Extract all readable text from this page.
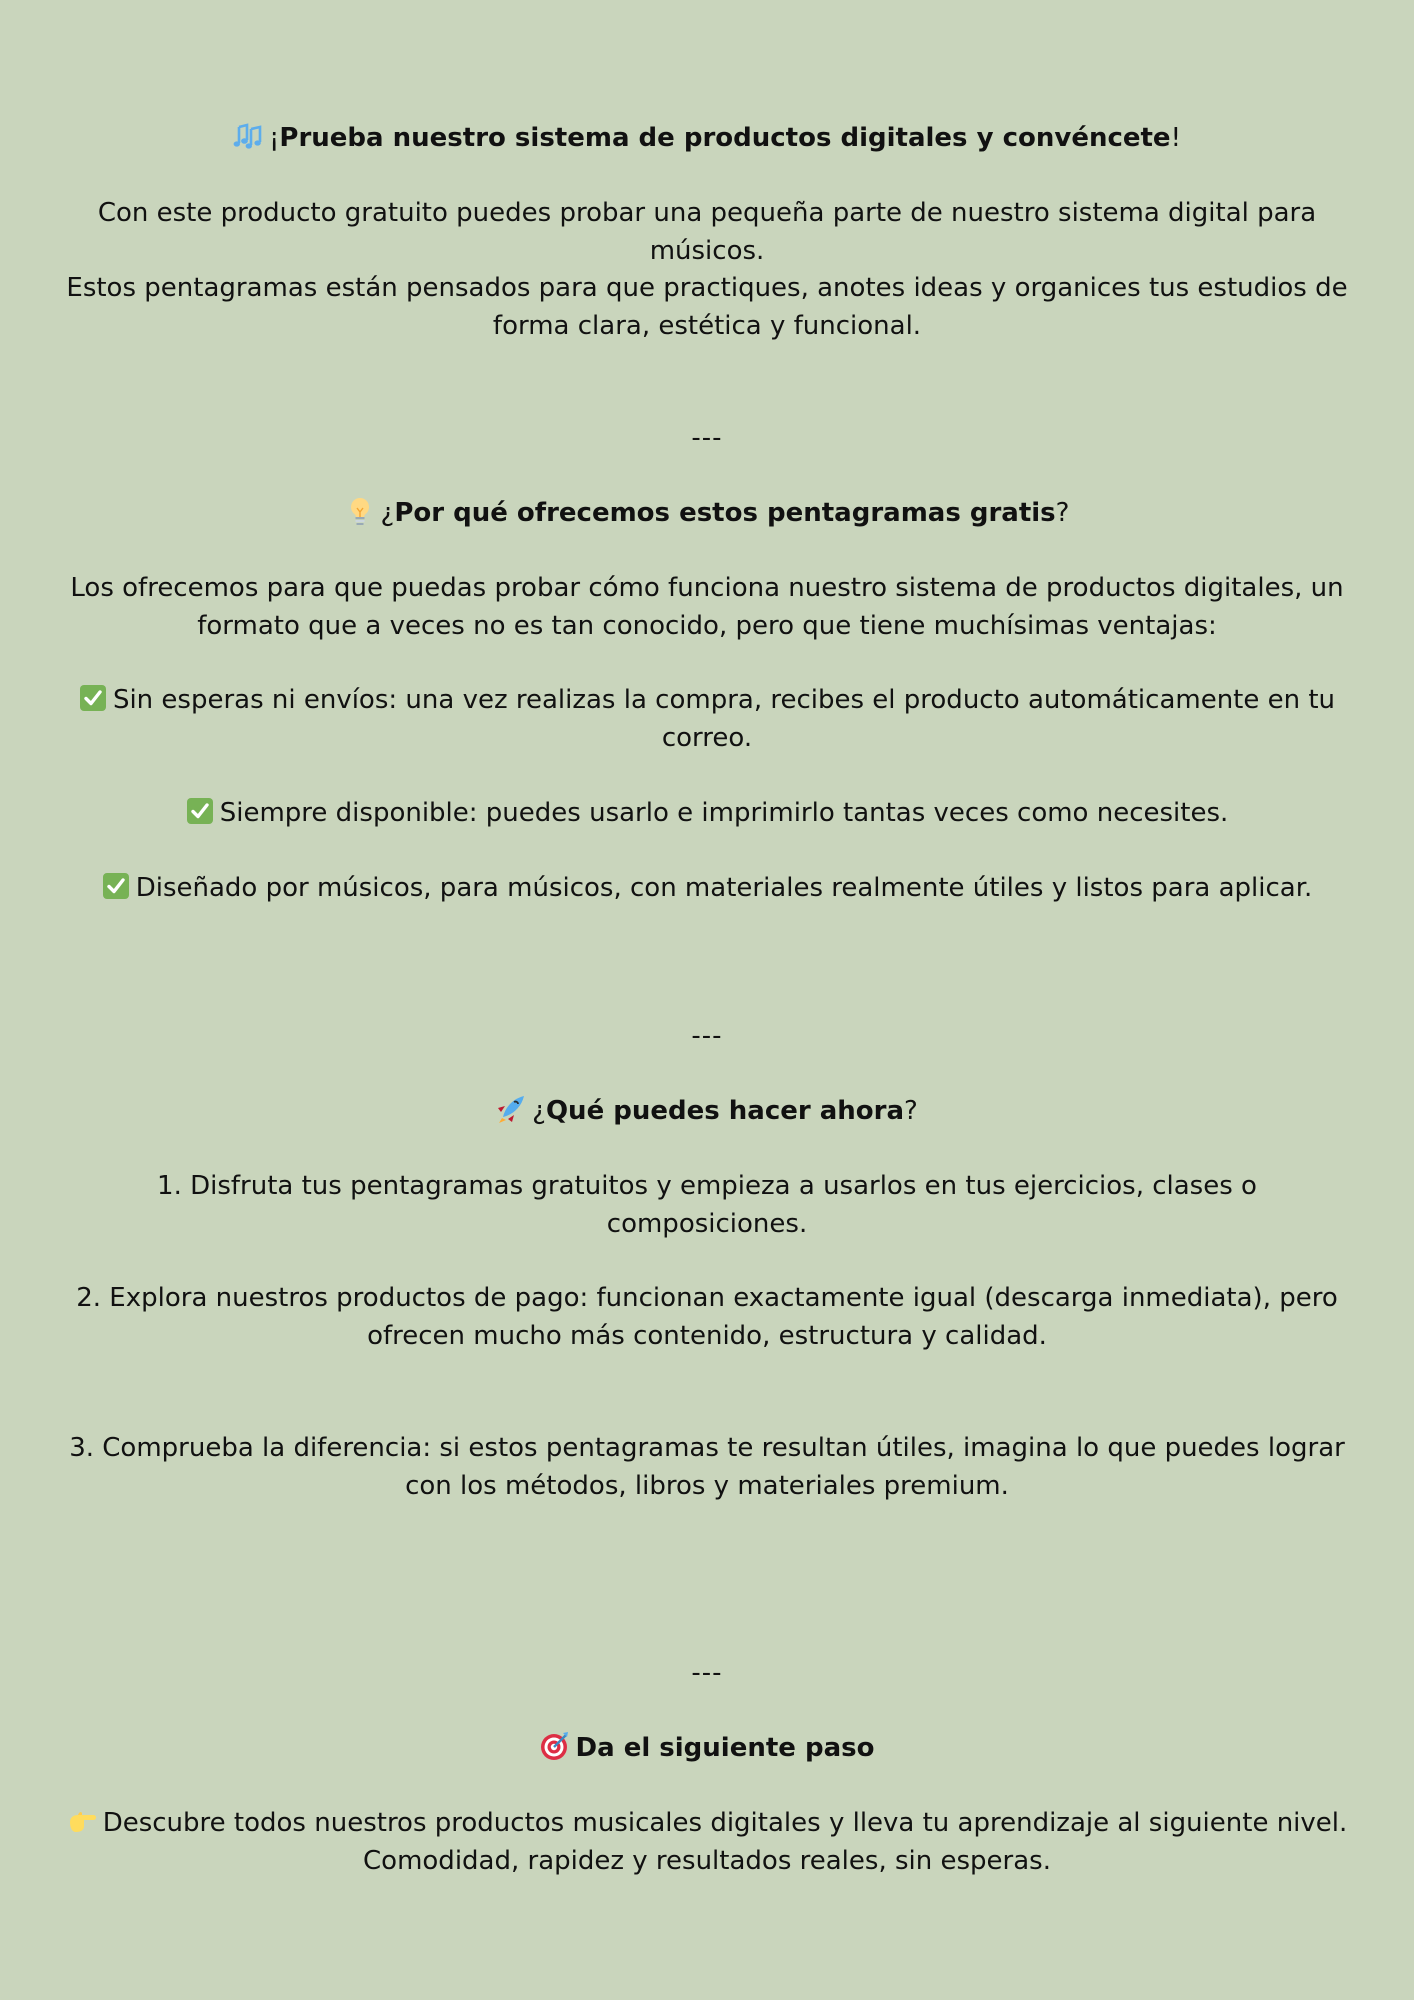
¡Prueba nuestro sistema de productos digitales y convéncete!

Con este producto gratuito puedes probar una pequeña parte de nuestro sistema digital para músicos.
Estos pentagramas están pensados para que practiques, anotes ideas y organices tus estudios de forma clara, estética y funcional.

---

¿Por qué ofrecemos estos pentagramas gratis?

Los ofrecemos para que puedas probar cómo funciona nuestro sistema de productos digitales, un formato que a veces no es tan conocido, pero que tiene muchísimas ventajas:

Sin esperas ni envíos: una vez realizas la compra, recibes el producto automáticamente en tu correo.

Siempre disponible: puedes usarlo e imprimirlo tantas veces como necesites.

Diseñado por músicos, para músicos, con materiales realmente útiles y listos para aplicar.

---

¿Qué puedes hacer ahora?

1. Disfruta tus pentagramas gratuitos y empieza a usarlos en tus ejercicios, clases o composiciones.

2. Explora nuestros productos de pago: funcionan exactamente igual (descarga inmediata), pero ofrecen mucho más contenido, estructura y calidad.

3. Comprueba la diferencia: si estos pentagramas te resultan útiles, imagina lo que puedes lograr con los métodos, libros y materiales premium.

---

Da el siguiente paso

Descubre todos nuestros productos musicales digitales y lleva tu aprendizaje al siguiente nivel.
Comodidad, rapidez y resultados reales, sin esperas.
